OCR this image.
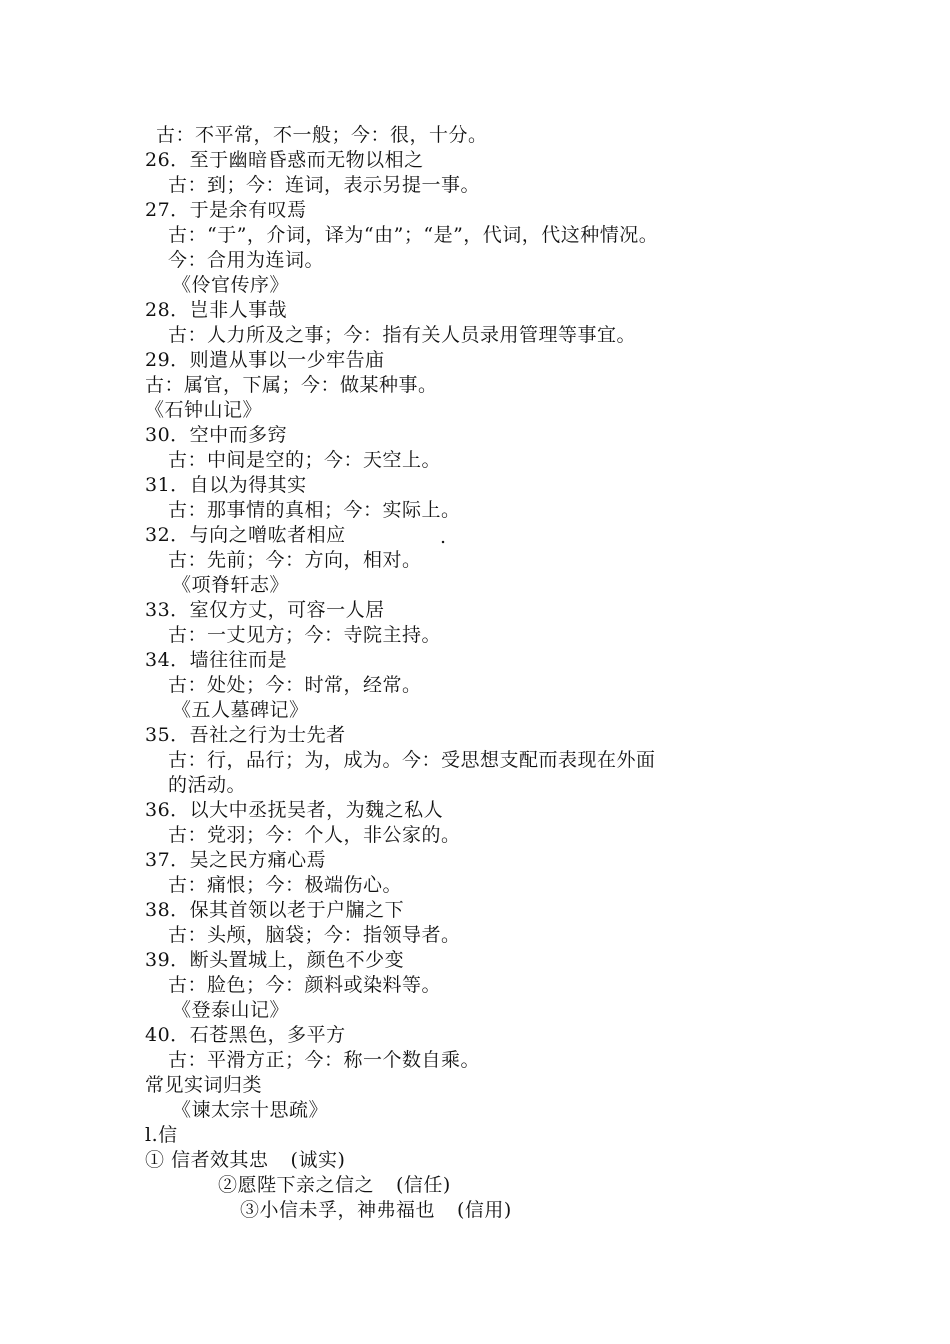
古：不平常，不一般；今：很，十分。
26．至于幽暗昏惑而无物以相之
古：到；今：连词，表示另提一事。
27．于是余有叹焉
古：“于”，介词，译为“由”；“是”，代词，代这种情况。
今：合用为连词。
《伶官传序》
28．岂非人事哉
古：人力所及之事；今：指有关人员录用管理等事宜。
29．则遣从事以一少牢告庙
古：属官，下属；今：做某种事。
《石钟山记》
30．空中而多窍
古：中间是空的；今：天空上。
31．自以为得其实
古：那事情的真相；今：实际上。
32．与向之噌吰者相应	.
古：先前；今：方向，相对。
《项脊轩志》
33．室仅方丈，可容一人居
古：一丈见方；今：寺院主持。
34．墙往往而是
古：处处；今：时常，经常。
《五人墓碑记》
35．吾社之行为士先者
古：行，品行；为，成为。今：受思想支配而表现在外面
的活动。
36．以大中丞抚吴者，为魏之私人
古：党羽；今：个人，非公家的。
37．吴之民方痛心焉
古：痛恨；今：极端伤心。
38．保其首领以老于户牖之下
古：头颅，脑袋；今：指领导者。
39．断头置城上，颜色不少变
古：脸色；今：颜料或染料等。
《登泰山记》
40．石苍黑色，多平方
古：平滑方正；今：称一个数自乘。
常见实词归类
《谏太宗十思疏》
l.信
① 信者效其忠 (诚实)
②愿陛下亲之信之 (信任)
③小信未孚，神弗福也 (信用)
